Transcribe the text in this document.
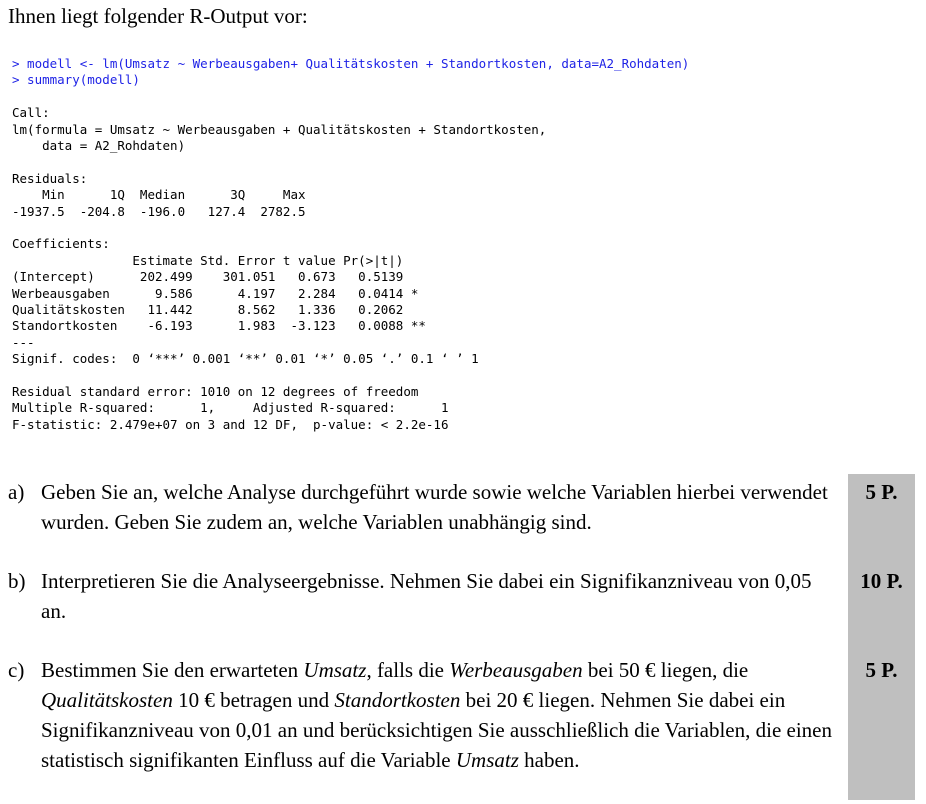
Ihnen liegt folgender R-Output vor:
> modell <- lm(Umsatz ~ Werbeausgaben+ Qualitätskosten + Standortkosten, data=A2_Rohdaten)
> summary(modell)
Call:
lm(formula = Umsatz ~ Werbeausgaben + Qualitätskosten + Standortkosten,
data = A2_Rohdaten)
Residuals:
Min      1Q  Median      3Q     Max
-1937.5  -204.8  -196.0   127.4  2782.5
Coefficients:
Estimate Std. Error t value Pr(>|t|)
(Intercept)      202.499    301.051   0.673   0.5139
Werbeausgaben      9.586      4.197   2.284   0.0414 *
Qualitätskosten   11.442      8.562   1.336   0.2062
Standortkosten    -6.193      1.983  -3.123   0.0088 **
---
Signif. codes:  0 ‘***’ 0.001 ‘**’ 0.01 ‘*’ 0.05 ‘.’ 0.1 ‘ ’ 1
Residual standard error: 1010 on 12 degrees of freedom
Multiple R-squared:      1,	Adjusted R-squared:      1
F-statistic: 2.479e+07 on 3 and 12 DF,  p-value: < 2.2e-16
a) Geben Sie an, welche Analyse durchgeführt wurde sowie welche Variablen hierbei verwendet wurden. Geben Sie zudem an, welche Variablen unabhängig sind.
5 P.
b) Interpretieren Sie die Analyseergebnisse. Nehmen Sie dabei ein Signifikanzniveau von 0,05 an.
10 P.
c) Bestimmen Sie den erwarteten Umsatz, falls die Werbeausgaben bei 50 € liegen, die Qualitätskosten 10 € betragen und Standortkosten bei 20 € liegen. Nehmen Sie dabei ein Signifikanzniveau von 0,01 an und berücksichtigen Sie ausschließlich die Variablen, die einen statistisch signifikanten Einfluss auf die Variable Umsatz haben.
5 P.
